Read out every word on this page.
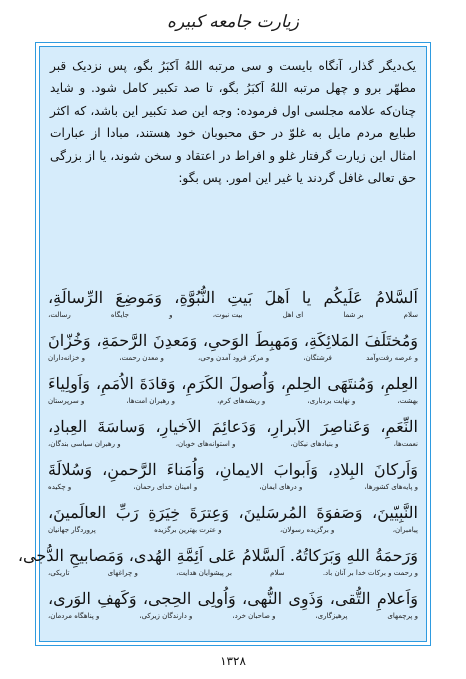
زیارت جامعه کبیره

یک‌دیگر گذار، آنگاه بایست و سی مرتبه اللهُ اَکبَرُ بگو، پس نزدیک قبر مطهّر برو و چهل مرتبه اللهُ اَکبَرُ بگو، تا صد تکبیر کامل شود. و شاید چنان‌که علامه مجلسی اول فرموده: وجه این صد تکبیر این باشد، که اکثر طبایع مردم مایل به غلوّ در حق محبوبان خود هستند، مبادا از عبارات امثال این زیارت گرفتار غلو و افراط در اعتقاد و سخن شوند، یا از بزرگی حق تعالی غافل گردند یا غیر این امور. پس بگو:

اَلسَّلامُ عَلَیکُم یا اَهلَ بَیتِ النُّبُوَّةِ، وَمَوضِعَ الرِّسالَةِ،
سلام
بر شما
ای اهل
بیت نبوت،
و
جایگاه
رسالت،
وَمُختَلَفَ المَلائِکَةِ، وَمَهبِطَ الوَحیِ، وَمَعدِنَ الرَّحمَةِ، وَخُزّانَ
و عرصه رفت‌وآمد
فرشتگان،
و مرکز فرود آمدن وحی،
و معدن رحمت،
و خزانه‌داران
العِلمِ، وَمُنتَهَی الحِلمِ، وَاُصولَ الکَرَمِ، وَقادَةَ الاُمَمِ، وَاَولِیاءَ
بهشت،
و نهایت بردباری،
و ریشه‌های کرم،
و رهبران امت‌ها،
و سرپرستان
النِّعَمِ، وَعَناصِرَ الاَبرارِ، وَدَعائِمَ الاَخیارِ، وَساسَةَ العِبادِ،
نعمت‌ها،
و بنیادهای نیکان،
و استوانه‌های خوبان،
و رهبران سیاسی بندگان،
وَاَرکانَ البِلادِ، وَاَبوابَ الایمانِ، وَاُمَناءَ الرَّحمنِ، وَسُلالَةَ
و پایه‌های کشورها،
و درهای ایمان،
و امینان خدای رحمان،
و چکیده
النَّبِیّینَ، وَصَفوَةَ المُرسَلینَ، وَعِترَةَ خِیَرَةِ رَبِّ العالَمینَ،
پیامبران،
و برگزیده رسولان،
و عترت بهترین برگزیده
پروردگار جهانیان
وَرَحمَةُ اللهِ وَبَرَکاتُهُ. اَلسَّلامُ عَلی اَئِمَّةِ الهُدی، وَمَصابیحِ الدُّجی،
و رحمت و برکات خدا بر آنان باد.
سلام
بر پیشوایان هدایت،
و چراغهای
تاریکی،
وَاَعلامِ التُّقی، وَذَوِی النُّهی، وَاُولِی الحِجی، وَکَهفِ الوَری،
و پرچمهای
پرهیزگاری،
و صاحبان خرد،
و دارندگان زیرکی،
و پناهگاه مردمان،
۱۳۲۸
